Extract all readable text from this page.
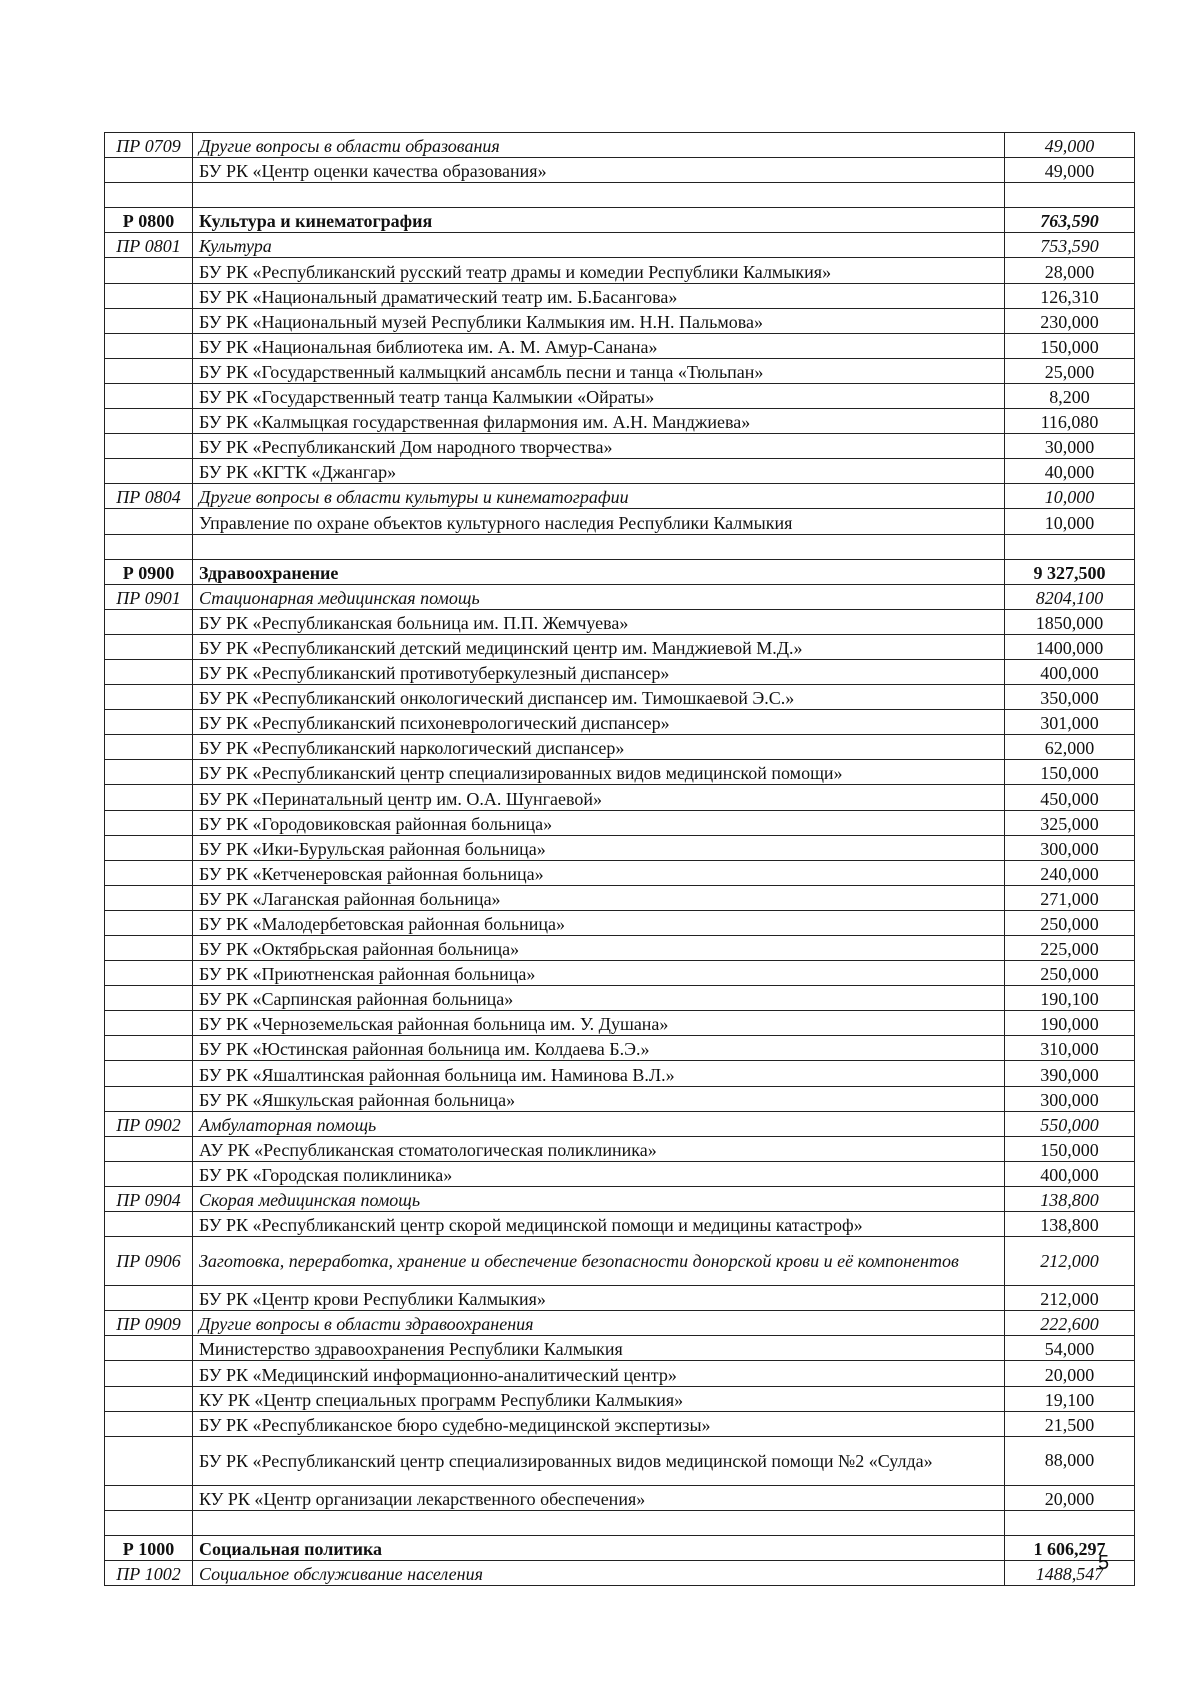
ПР 0709	Другие вопросы в области образования	49,000
	БУ РК «Центр оценки качества образования»	49,000

Р 0800	Культура и кинематография	763,590
ПР 0801	Культура	753,590
	БУ РК «Республиканский русский театр драмы и комедии Республики Калмыкия»	28,000
	БУ РК «Национальный драматический театр им. Б.Басангова»	126,310
	БУ РК «Национальный музей Республики Калмыкия им. Н.Н. Пальмова»	230,000
	БУ РК «Национальная библиотека им. А. М. Амур-Санана»	150,000
	БУ РК «Государственный калмыцкий ансамбль песни и танца «Тюльпан»	25,000
	БУ РК «Государственный театр танца Калмыкии «Ойраты»	8,200
	БУ РК «Калмыцкая государственная филармония им. А.Н. Манджиева»	116,080
	БУ РК «Республиканский Дом народного творчества»	30,000
	БУ РК «КГТК «Джангар»	40,000
ПР 0804	Другие вопросы в области культуры и кинематографии	10,000
	Управление по охране объектов культурного наследия Республики Калмыкия	10,000

Р 0900	Здравоохранение	9 327,500
ПР 0901	Стационарная медицинская помощь	8204,100
	БУ РК «Республиканская больница им. П.П. Жемчуева»	1850,000
	БУ РК «Республиканский детский медицинский центр им. Манджиевой М.Д.»	1400,000
	БУ РК «Республиканский противотуберкулезный диспансер»	400,000
	БУ РК «Республиканский онкологический диспансер им. Тимошкаевой Э.С.»	350,000
	БУ РК «Республиканский психоневрологический диспансер»	301,000
	БУ РК «Республиканский наркологический диспансер»	62,000
	БУ РК «Республиканский центр специализированных видов медицинской помощи»	150,000
	БУ РК «Перинатальный центр им. О.А. Шунгаевой»	450,000
	БУ РК «Городовиковская районная больница»	325,000
	БУ РК «Ики-Бурульская районная больница»	300,000
	БУ РК «Кетченеровская районная больница»	240,000
	БУ РК «Лаганская районная больница»	271,000
	БУ РК «Малодербетовская районная больница»	250,000
	БУ РК «Октябрьская районная больница»	225,000
	БУ РК «Приютненская районная больница»	250,000
	БУ РК «Сарпинская районная больница»	190,100
	БУ РК «Черноземельская районная больница им. У. Душана»	190,000
	БУ РК «Юстинская районная больница им. Колдаева Б.Э.»	310,000
	БУ РК «Яшалтинская районная больница им. Наминова В.Л.»	390,000
	БУ РК «Яшкульская районная больница»	300,000
ПР 0902	Амбулаторная помощь	550,000
	АУ РК «Республиканская стоматологическая поликлиника»	150,000
	БУ РК «Городская поликлиника»	400,000
ПР 0904	Скорая медицинская помощь	138,800
	БУ РК «Республиканский центр скорой медицинской помощи и медицины катастроф»	138,800
ПР 0906	Заготовка, переработка, хранение и обеспечение безопасности донорской крови и её компонентов	212,000
	БУ РК «Центр крови Республики Калмыкия»	212,000
ПР 0909	Другие вопросы в области здравоохранения	222,600
	Министерство здравоохранения Республики Калмыкия	54,000
	БУ РК «Медицинский информационно-аналитический центр»	20,000
	КУ РК «Центр специальных программ Республики Калмыкия»	19,100
	БУ РК «Республиканское бюро судебно-медицинской экспертизы»	21,500
	БУ РК «Республиканский центр специализированных видов медицинской помощи №2 «Сулда»	88,000
	КУ РК «Центр организации лекарственного обеспечения»	20,000

Р 1000	Социальная политика	1 606,297
ПР 1002	Социальное обслуживание населения	1488,547
5
